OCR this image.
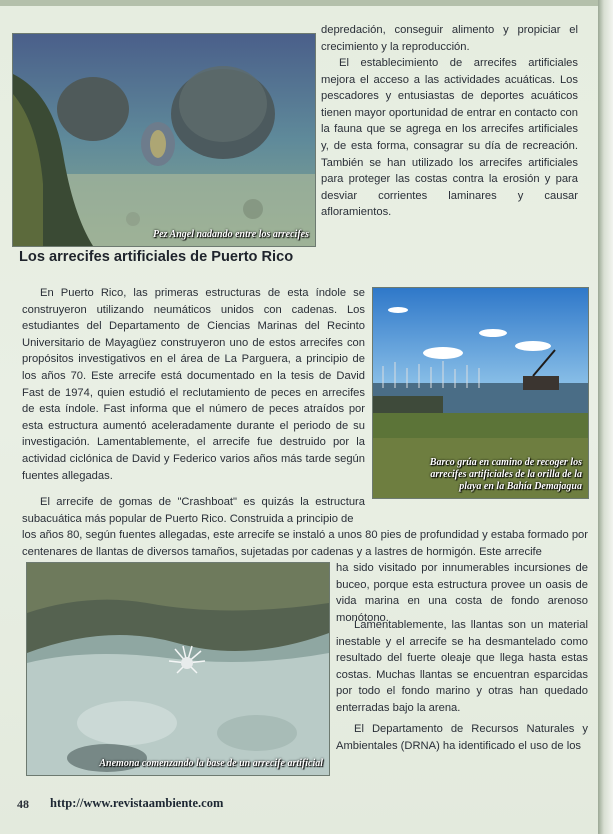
Pez Angel nadando entre los arrecifes

depredación, conseguir alimento y propiciar el crecimiento y la reproducción.

El establecimiento de arrecifes artificiales mejora el acceso a las actividades acuáticas. Los pescadores y entusiastas de deportes acuáticos tienen mayor oportunidad de entrar en contacto con la fauna que se agrega en los arrecifes artificiales y, de esta forma, consagrar su día de recreación. También se han utilizado los arrecifes artificiales para proteger las costas contra la erosión y para desviar corrientes laminares y causar afloramientos.

Los arrecifes artificiales de Puerto Rico
Barco grúa en camino de recoger los arrecifes artificiales de la orilla de la playa en la Bahía Demajagua

En Puerto Rico, las primeras estructuras de esta índole se construyeron utilizando neumáticos unidos con cadenas. Los estudiantes del Departamento de Ciencias Marinas del Recinto Universitario de Mayagüez construyeron uno de estos arrecifes con propósitos investigativos en el área de La Parguera, a principio de los años 70. Este arrecife está documentado en la tesis de David Fast de 1974, quien estudió el reclutamiento de peces en arrecifes de esta índole. Fast informa que el número de peces atraídos por esta estructura aumentó aceleradamente durante el periodo de su investigación. Lamentablemente, el arrecife fue destruido por la actividad ciclónica de David y Federico varios años más tarde según fuentes allegadas.

El arrecife de gomas de "Crashboat" es quizás la estructura subacuática más popular de Puerto Rico. Construida a principio de

los años 80, según fuentes allegadas, este arrecife se instaló a unos 80 pies de profundidad y estaba formado por centenares de llantas de diversos tamaños, sujetadas por cadenas y a lastres de hormigón. Este arrecife

Anemona comenzando la base de un arrecife artificial

ha sido visitado por innumerables incursiones de buceo, porque esta estructura provee un oasis de vida marina en una costa de fondo arenoso monótono.

Lamentablemente, las llantas son un material inestable y el arrecife se ha desmantelado como resultado del fuerte oleaje que llega hasta estas costas. Muchas llantas se encuentran esparcidas por todo el fondo marino y otras han quedado enterradas bajo la arena.

El Departamento de Recursos Naturales y Ambientales (DRNA) ha identificado el uso de los

48 http://www.revistaambiente.com
